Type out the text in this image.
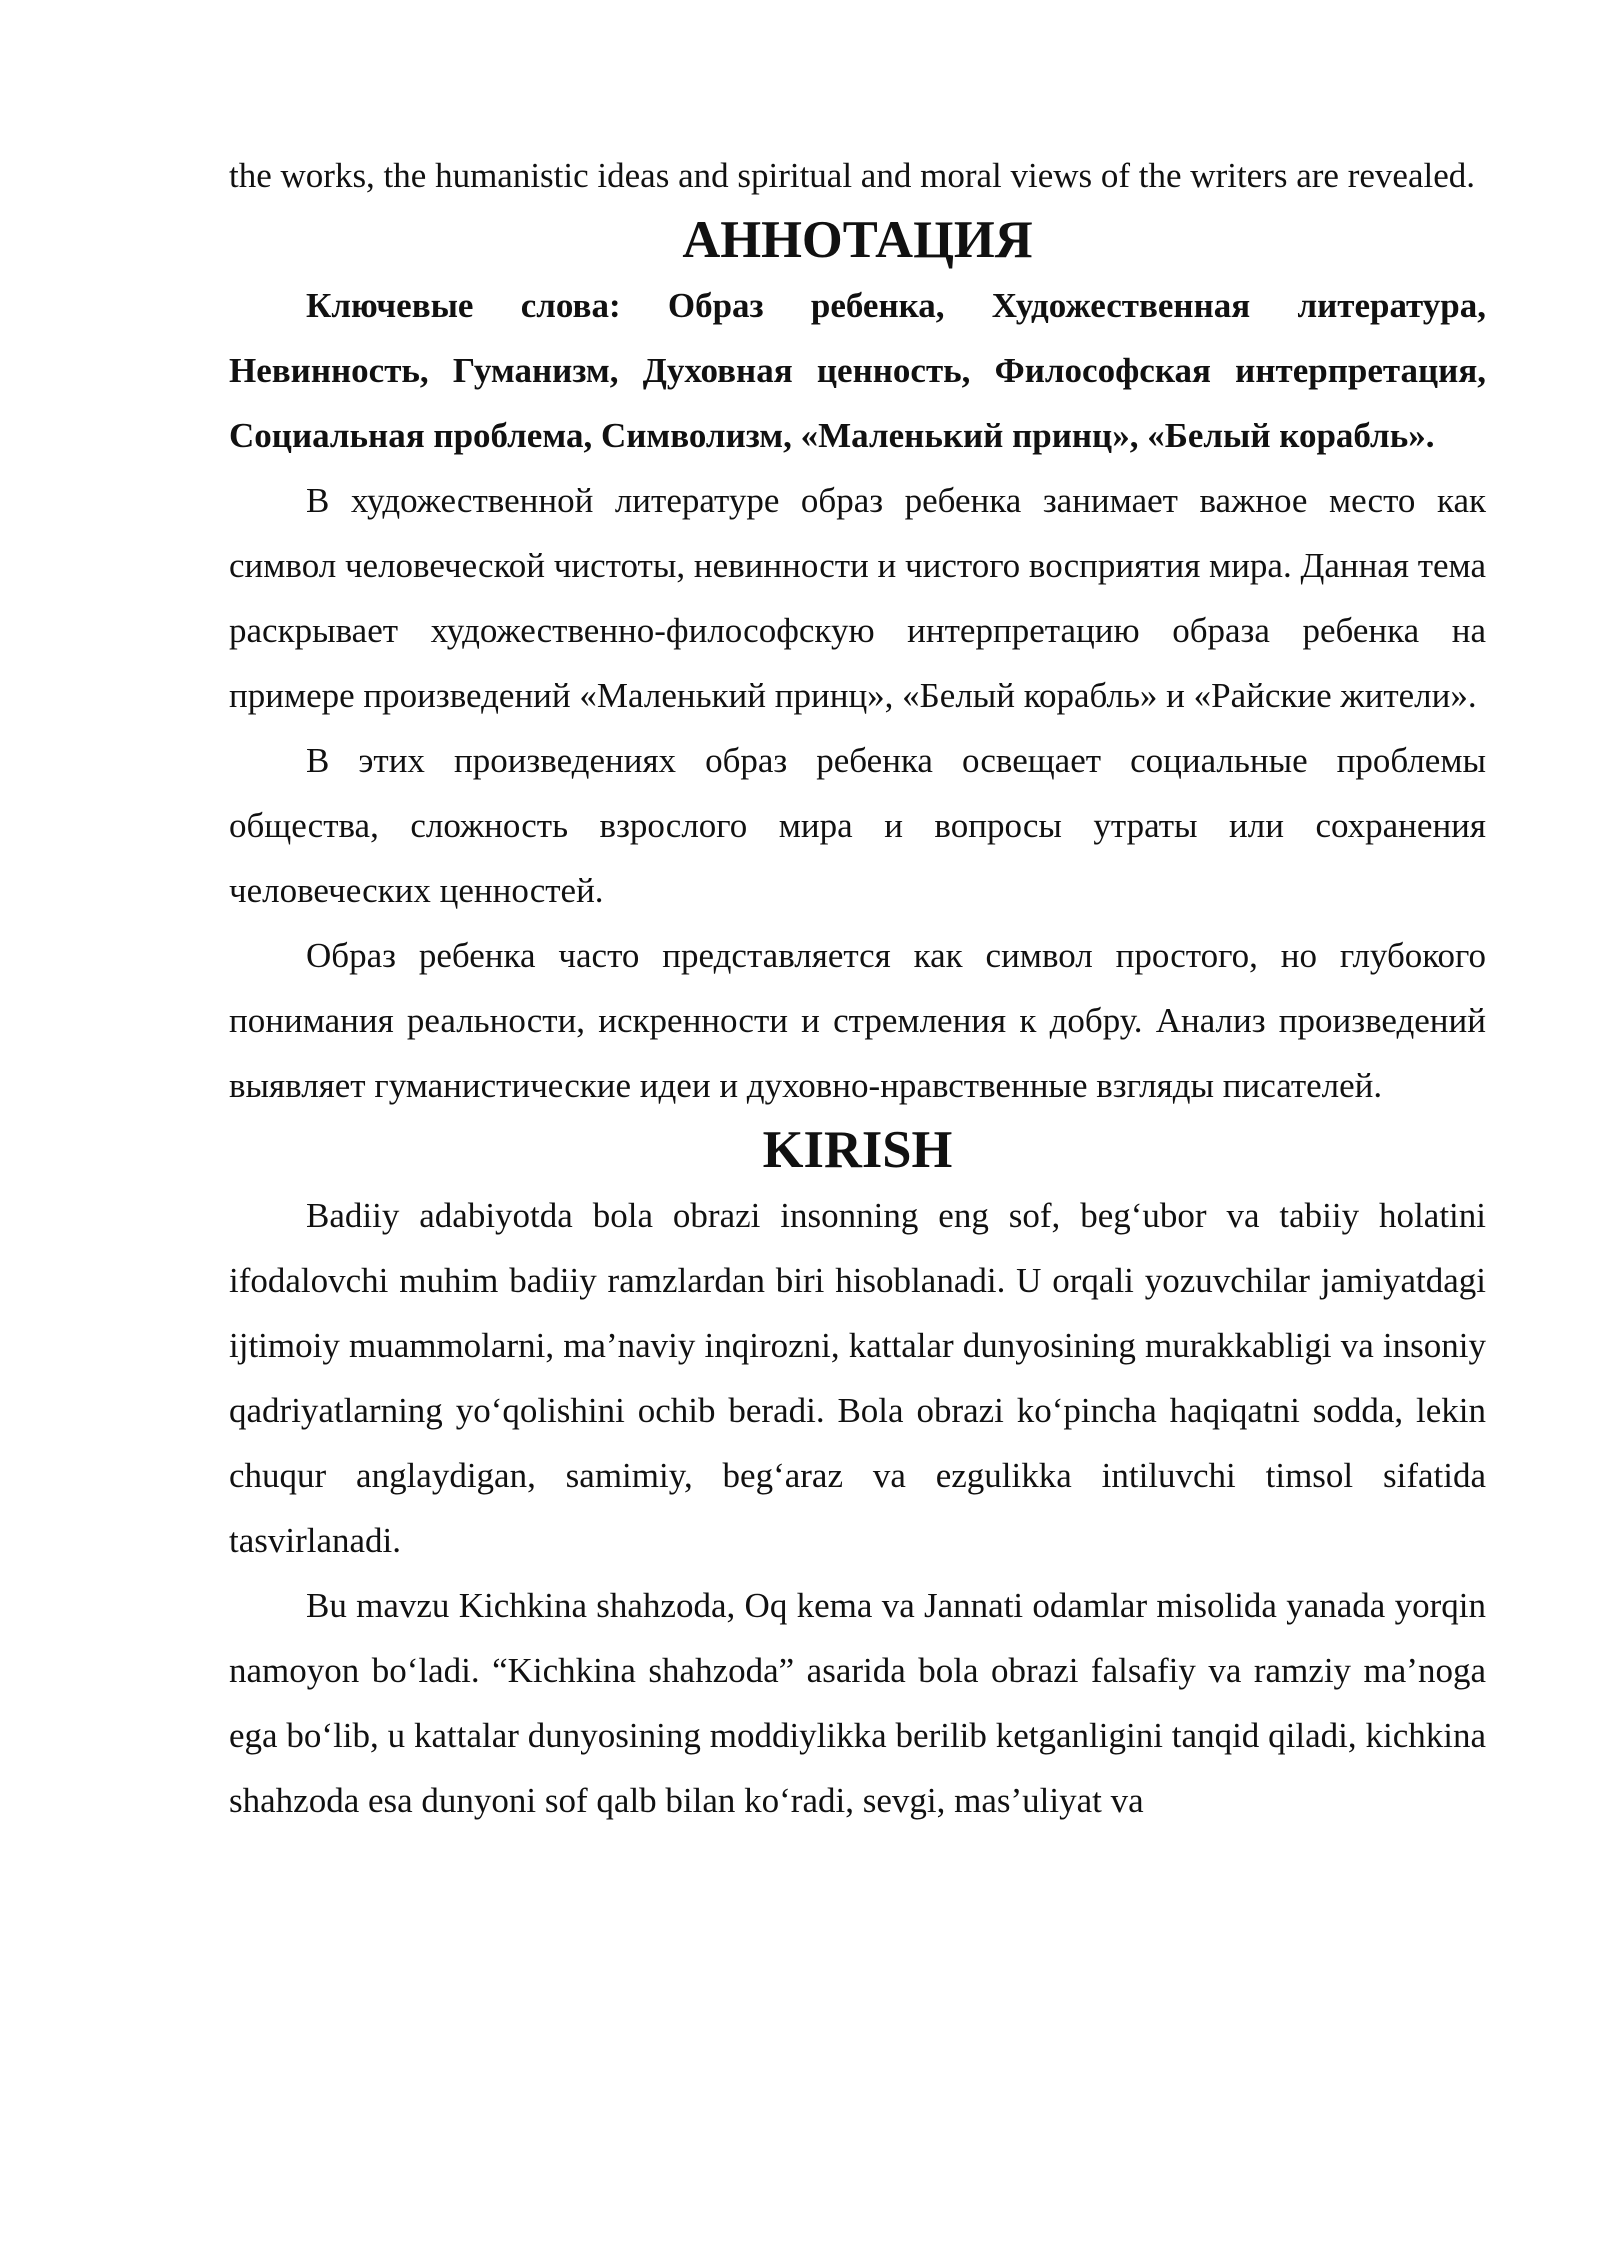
the works, the humanistic ideas and spiritual and moral views of the writers are revealed.

АННОТАЦИЯ

Ключевые слова: Образ ребенка, Художественная литература, Невинность, Гуманизм, Духовная ценность, Философская интерпретация, Социальная проблема, Символизм, «Маленький принц», «Белый корабль».

В художественной литературе образ ребенка занимает важное место как символ человеческой чистоты, невинности и чистого восприятия мира. Данная тема раскрывает художественно-философскую интерпретацию образа ребенка на примере произведений «Маленький принц», «Белый корабль» и «Райские жители».

В этих произведениях образ ребенка освещает социальные проблемы общества, сложность взрослого мира и вопросы утраты или сохранения человеческих ценностей.

Образ ребенка часто представляется как символ простого, но глубокого понимания реальности, искренности и стремления к добру. Анализ произведений выявляет гуманистические идеи и духовно-нравственные взгляды писателей.

KIRISH

Badiiy adabiyotda bola obrazi insonning eng sof, beg‘ubor va tabiiy holatini ifodalovchi muhim badiiy ramzlardan biri hisoblanadi. U orqali yozuvchilar jamiyatdagi ijtimoiy muammolarni, ma’naviy inqirozni, kattalar dunyosining murakkabligi va insoniy qadriyatlarning yo‘qolishini ochib beradi. Bola obrazi ko‘pincha haqiqatni sodda, lekin chuqur anglaydigan, samimiy, beg‘araz va ezgulikka intiluvchi timsol sifatida tasvirlanadi.

Bu mavzu Kichkina shahzoda, Oq kema va Jannati odamlar misolida yanada yorqin namoyon bo‘ladi. “Kichkina shahzoda” asarida bola obrazi falsafiy va ramziy ma’noga ega bo‘lib, u kattalar dunyosining moddiylikka berilib ketganligini tanqid qiladi, kichkina shahzoda esa dunyoni sof qalb bilan ko‘radi, sevgi, mas’uliyat va
